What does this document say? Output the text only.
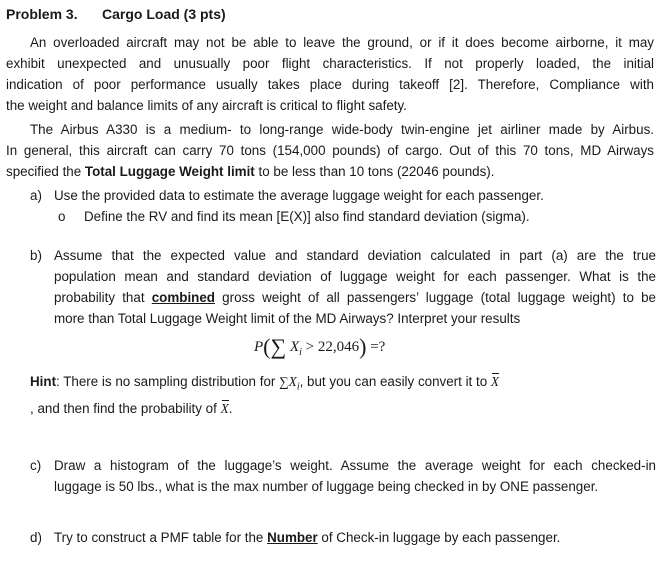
Problem 3. Cargo Load (3 pts)
An overloaded aircraft may not be able to leave the ground, or if it does become airborne, it may
exhibit unexpected and unusually poor flight characteristics. If not properly loaded, the initial
indication of poor performance usually takes place during takeoff [2]. Therefore, Compliance with
the weight and balance limits of any aircraft is critical to flight safety.
The Airbus A330 is a medium- to long-range wide-body twin-engine jet airliner made by Airbus.
In general, this aircraft can carry 70 tons (154,000 pounds) of cargo. Out of this 70 tons, MD Airways
specified the Total Luggage Weight limit to be less than 10 tons (22046 pounds).
a) Use the provided data to estimate the average luggage weight for each passenger.
o Define the RV and find its mean [E(X)] also find standard deviation (sigma).
b) Assume that the expected value and standard deviation calculated in part (a) are the true
population mean and standard deviation of luggage weight for each passenger. What is the
probability that combined gross weight of all passengers’ luggage (total luggage weight) to be
more than Total Luggage Weight limit of the MD Airways? Interpret your results
P(∑ $X_i > 22,046$) =?
Hint: There is no sampling distribution for $\sum X_i$, but you can easily convert it to X
, and then find the probability of X.
c) Draw a histogram of the luggage’s weight. Assume the average weight for each checked-in
luggage is 50 lbs., what is the max number of luggage being checked in by ONE passenger.
d) Try to construct a PMF table for the Number of Check-in luggage by each passenger.
